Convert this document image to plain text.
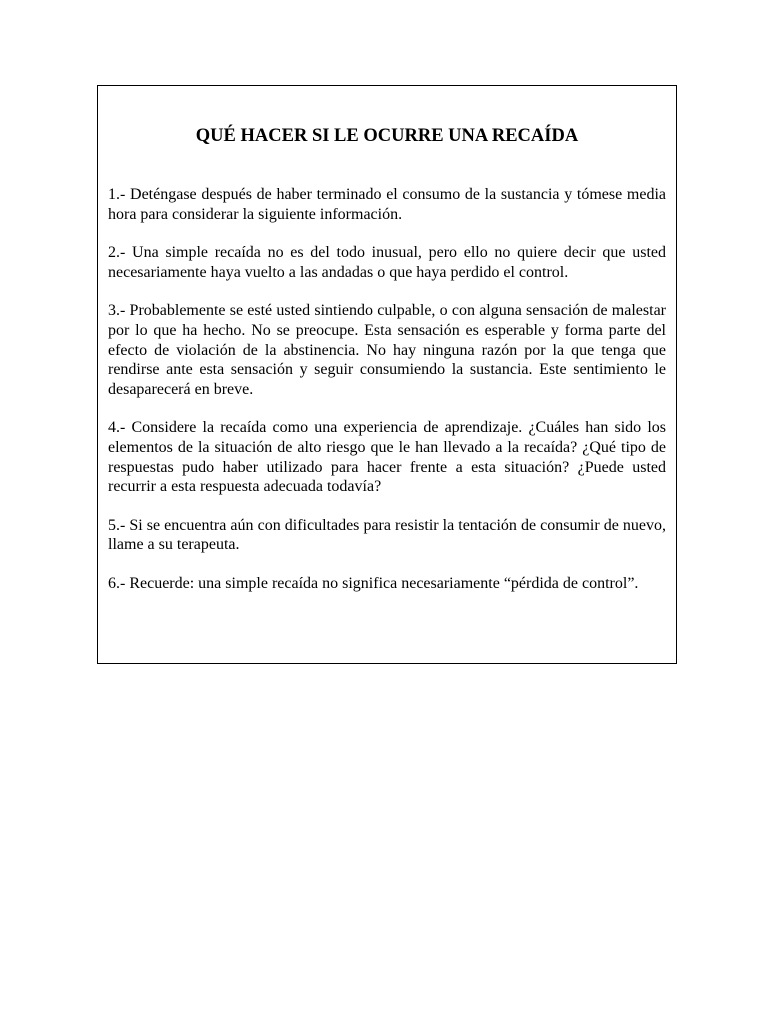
QUÉ HACER SI LE OCURRE UNA RECAÍDA

1.- Deténgase después de haber terminado el consumo de la sustancia y tómese media hora para considerar la siguiente información.

2.- Una simple recaída no es del todo inusual, pero ello no quiere decir que usted necesariamente haya vuelto a las andadas o que haya perdido el control.

3.- Probablemente se esté usted sintiendo culpable, o con alguna sensación de malestar por lo que ha hecho. No se preocupe. Esta sensación es esperable y forma parte del efecto de violación de la abstinencia. No hay ninguna razón por la que tenga que rendirse ante esta sensación y seguir consumiendo la sustancia. Este sentimiento le desaparecerá en breve.

4.- Considere la recaída como una experiencia de aprendizaje. ¿Cuáles han sido los elementos de la situación de alto riesgo que le han llevado a la recaída? ¿Qué tipo de respuestas pudo haber utilizado para hacer frente a esta situación? ¿Puede usted recurrir a esta respuesta adecuada todavía?

5.- Si se encuentra aún con dificultades para resistir la tentación de consumir de nuevo, llame a su terapeuta.

6.- Recuerde: una simple recaída no significa necesariamente “pérdida de control”.
